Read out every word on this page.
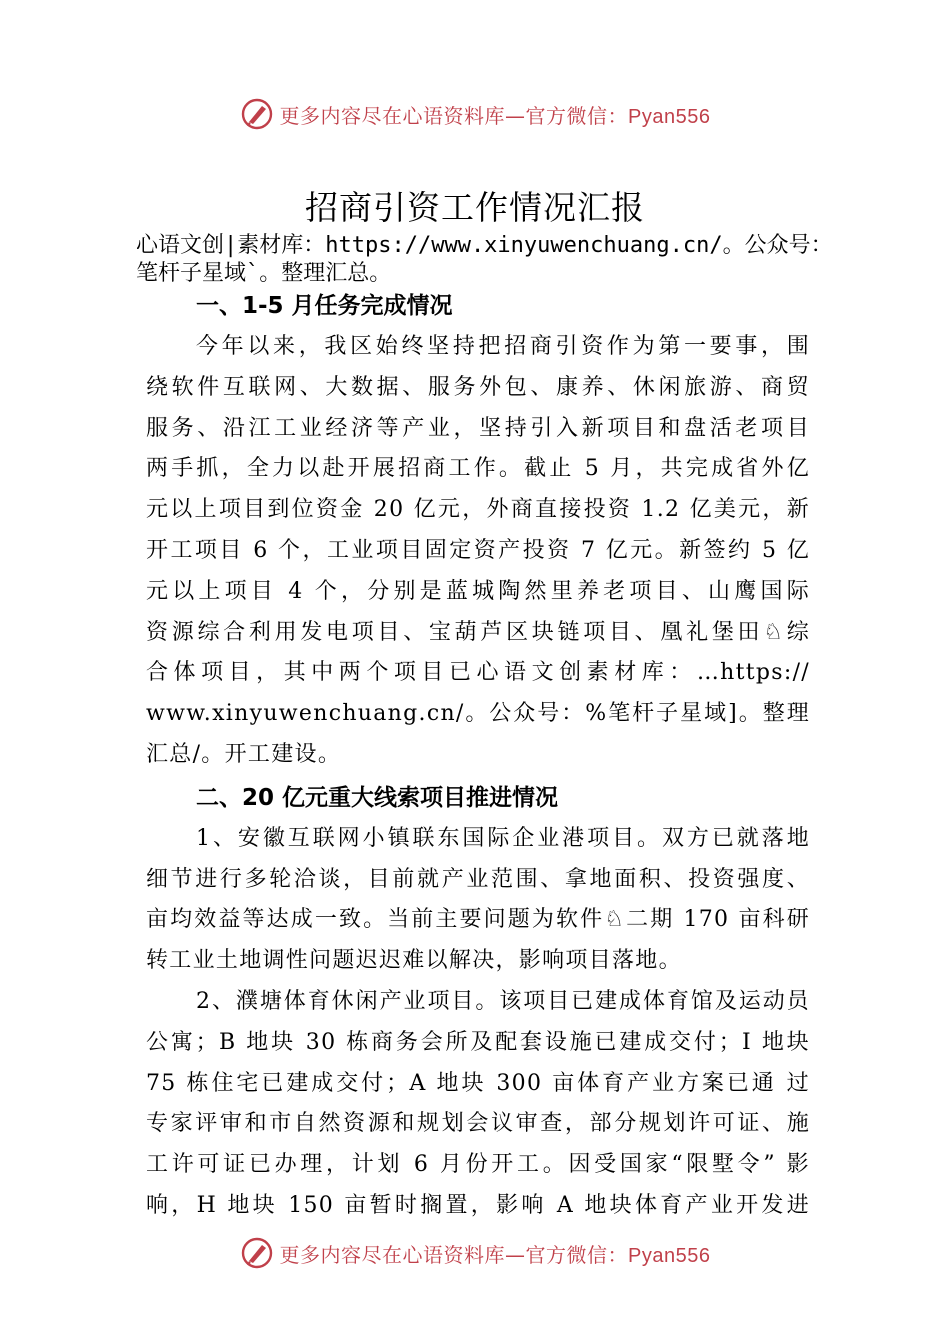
更多内容尽在心语资料库—官方微信：Pyan556
招商引资工作情况汇报
心语文创|素材库：https://www.xinyuwenchuang.cn/。公众号：
笔杆子星域`。整理汇总。
一、1-5 月任务完成情况
今年以来，我区始终坚持把招商引资作为第一要事，围
绕软件互联网、大数据、服务外包、康养、休闲旅游、商贸
服务、沿江工业经济等产业，坚持引入新项目和盘活老项目
两手抓，全力以赴开展招商工作。截止 5 月，共完成省外亿
元以上项目到位资金 20 亿元，外商直接投资 1.2 亿美元，新
开工项目 6 个，工业项目固定资产投资 7 亿元。新签约 5 亿
元以上项目 4 个，分别是蓝城陶然里养老项目、山鹰国际
资源综合利用发电项目、宝葫芦区块链项目、凰礼堡田♘综
合体项目，其中两个项目已心语文创素材库：…https://
www.xinyuwenchuang.cn/。公众号：%笔杆子星域]。整理
汇总/。开工建设。
二、20 亿元重大线索项目推进情况
1、安徽互联网小镇联东国际企业港项目。双方已就落地
细节进行多轮洽谈，目前就产业范围、拿地面积、投资强度、
亩均效益等达成一致。当前主要问题为软件♘二期 170 亩科研
转工业土地调性问题迟迟难以解决，影响项目落地。
2、濮塘体育休闲产业项目。该项目已建成体育馆及运动员
公寓；B 地块 30 栋商务会所及配套设施已建成交付；I 地块
75 栋住宅已建成交付；A 地块 300 亩体育产业方案已通 过
专家评审和市自然资源和规划会议审查，部分规划许可证、施
工许可证已办理，计划 6 月份开工。因受国家“限墅令” 影
响，H 地块 150 亩暂时搁置，影响 A 地块体育产业开发进
更多内容尽在心语资料库—官方微信：Pyan556
